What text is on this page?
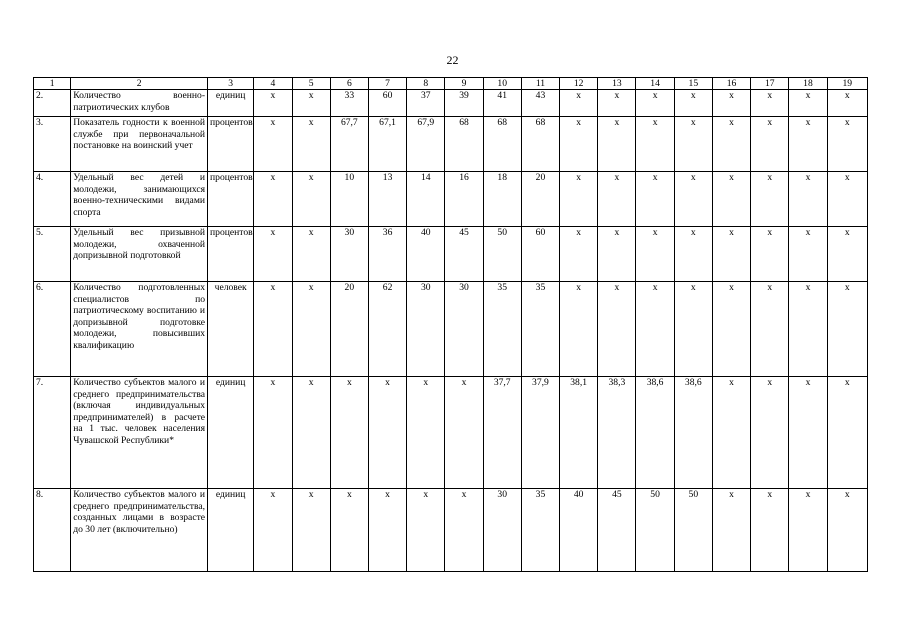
22
1	2	3	4	5	6	7	8	9	10	11	12	13	14	15	16	17	18	19
2.	Количество военно-патриотических клубов	единиц	х	х	33	60	37	39	41	43	х	х	х	х	х	х	х	х
3.	Показатель годности к военной службе при первоначальной постановке на воинский учет	процентов	х	х	67,7	67,1	67,9	68	68	68	х	х	х	х	х	х	х	х
4.	Удельный вес детей и молодежи, занимающихся военно-техническими видами спорта	процентов	х	х	10	13	14	16	18	20	х	х	х	х	х	х	х	х
5.	Удельный вес призывной молодежи, охваченной допризывной подготовкой	процентов	х	х	30	36	40	45	50	60	х	х	х	х	х	х	х	х
6.	Количество подготовленных специалистов по патриотическому воспитанию и допризывной подготовке молодежи, повысивших квалификацию	человек	х	х	20	62	30	30	35	35	х	х	х	х	х	х	х	х
7.	Количество субъектов малого и среднего предпринимательства (включая индивидуальных предпринимателей) в расчете на 1 тыс. человек населения Чувашской Республики*	единиц	х	х	х	х	х	х	37,7	37,9	38,1	38,3	38,6	38,6	х	х	х	х
8.	Количество субъектов малого и среднего предпринимательства, созданных лицами в возрасте до 30 лет (включительно)	единиц	х	х	х	х	х	х	30	35	40	45	50	50	х	х	х	х
